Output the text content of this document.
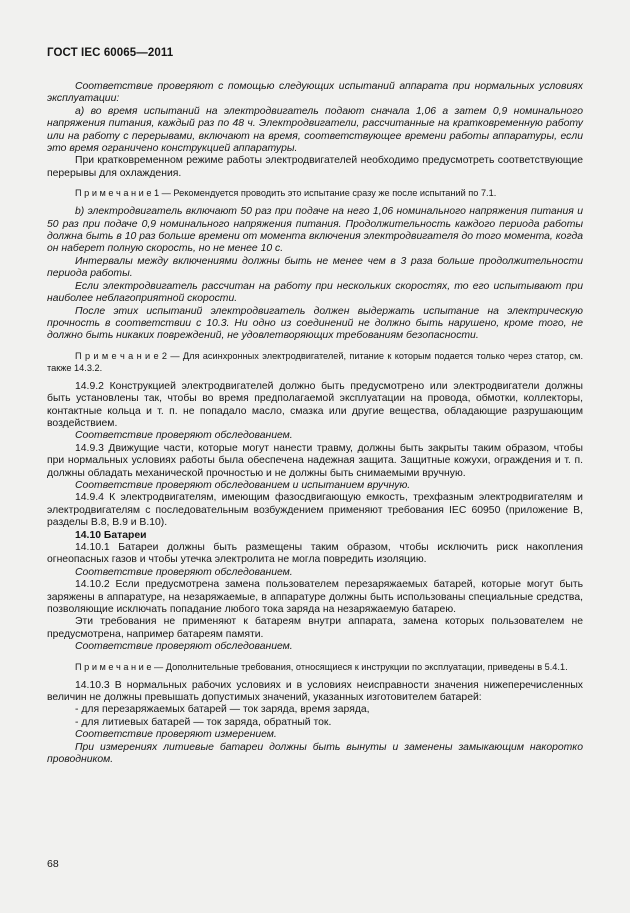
ГОСТ IEC 60065—2011

Соответствие проверяют с помощью следующих испытаний аппарата при нормальных условиях эксплуатации:

a) во время испытаний на электродвигатель подают сначала 1,06 а затем 0,9 номинального напряжения питания, каждый раз по 48 ч. Электродвигатели, рассчитанные на кратковременную работу или на работу с перерывами, включают на время, соответствующее времени работы аппаратуры, если это время ограничено конструкцией аппаратуры.

При кратковременном режиме работы электродвигателей необходимо предусмотреть соответствующие перерывы для охлаждения.

П р и м е ч а н и е 1 — Рекомендуется проводить это испытание сразу же после испытаний по 7.1.

b) электродвигатель включают 50 раз при подаче на него 1,06 номинального напряжения питания и 50 раз при подаче 0,9 номинального напряжения питания. Продолжительность каждого периода работы должна быть в 10 раз больше времени от момента включения электродвигателя до того момента, когда он наберет полную скорость, но не менее 10 с.

Интервалы между включениями должны быть не менее чем в 3 раза больше продолжительности периода работы.

Если электродвигатель рассчитан на работу при нескольких скоростях, то его испытывают при наиболее неблагоприятной скорости.

После этих испытаний электродвигатель должен выдержать испытание на электрическую прочность в соответствии с 10.3. Ни одно из соединений не должно быть нарушено, кроме того, не должно быть никаких повреждений, не удовлетворяющих требованиям безопасности.

П р и м е ч а н и е 2 — Для асинхронных электродвигателей, питание к которым подается только через статор, см. также 14.3.2.

14.9.2 Конструкцией электродвигателей должно быть предусмотрено или электродвигатели должны быть установлены так, чтобы во время предполагаемой эксплуатации на провода, обмотки, коллекторы, контактные кольца и т. п. не попадало масло, смазка или другие вещества, обладающие разрушающим воздействием.

Соответствие проверяют обследованием.

14.9.3 Движущие части, которые могут нанести травму, должны быть закрыты таким образом, чтобы при нормальных условиях работы была обеспечена надежная защита. Защитные кожухи, ограждения и т. п. должны обладать механической прочностью и не должны быть снимаемыми вручную.

Соответствие проверяют обследованием и испытанием вручную.

14.9.4 К электродвигателям, имеющим фазосдвигающую емкость, трехфазным электродвигателям и электродвигателям с последовательным возбуждением применяют требования IEC 60950 (приложение В, разделы В.8, В.9 и В.10).

14.10 Батареи

14.10.1 Батареи должны быть размещены таким образом, чтобы исключить риск накопления огнеопасных газов и чтобы утечка электролита не могла повредить изоляцию.

Соответствие проверяют обследованием.

14.10.2 Если предусмотрена замена пользователем перезаряжаемых батарей, которые могут быть заряжены в аппаратуре, на незаряжаемые, в аппаратуре должны быть использованы специальные средства, позволяющие исключать попадание любого тока заряда на незаряжаемую батарею.

Эти требования не применяют к батареям внутри аппарата, замена которых пользователем не предусмотрена, например батареям памяти.

Соответствие проверяют обследованием.

П р и м е ч а н и е — Дополнительные требования, относящиеся к инструкции по эксплуатации, приведены в 5.4.1.

14.10.3 В нормальных рабочих условиях и в условиях неисправности значения нижеперечисленных величин не должны превышать допустимых значений, указанных изготовителем батарей:

- для перезаряжаемых батарей — ток заряда, время заряда,

- для литиевых батарей — ток заряда, обратный ток.

Соответствие проверяют измерением.

При измерениях литиевые батареи должны быть вынуты и заменены замыкающим накоротко проводником.

68
